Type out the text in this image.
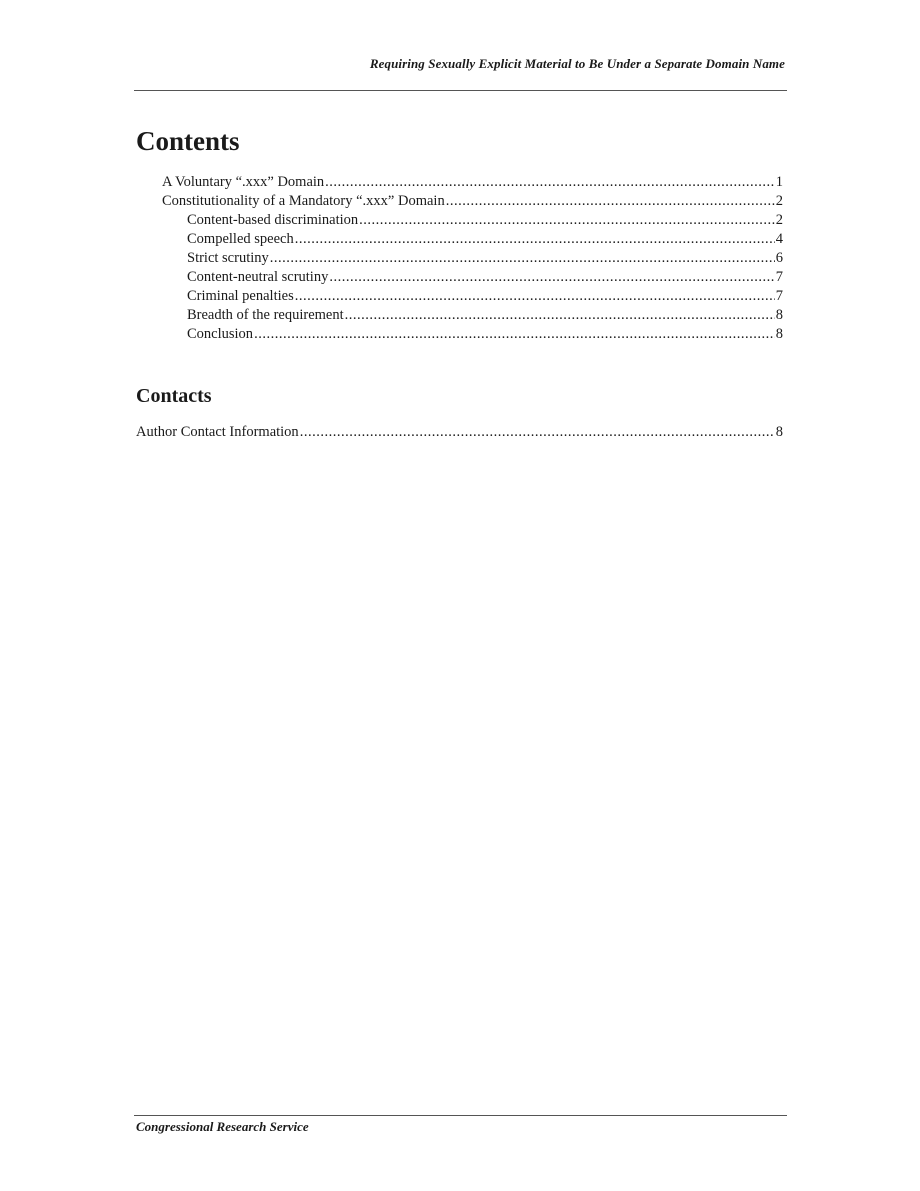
Requiring Sexually Explicit Material to Be Under a Separate Domain Name
Contents
A Voluntary “.xxx” Domain .....	1
Constitutionality of a Mandatory “.xxx” Domain .....	2
Content-based discrimination .....	2
Compelled speech .....	4
Strict scrutiny .....	6
Content-neutral scrutiny .....	7
Criminal penalties .....	7
Breadth of the requirement .....	8
Conclusion .....	8
Contacts
Author Contact Information .....	8
Congressional Research Service
